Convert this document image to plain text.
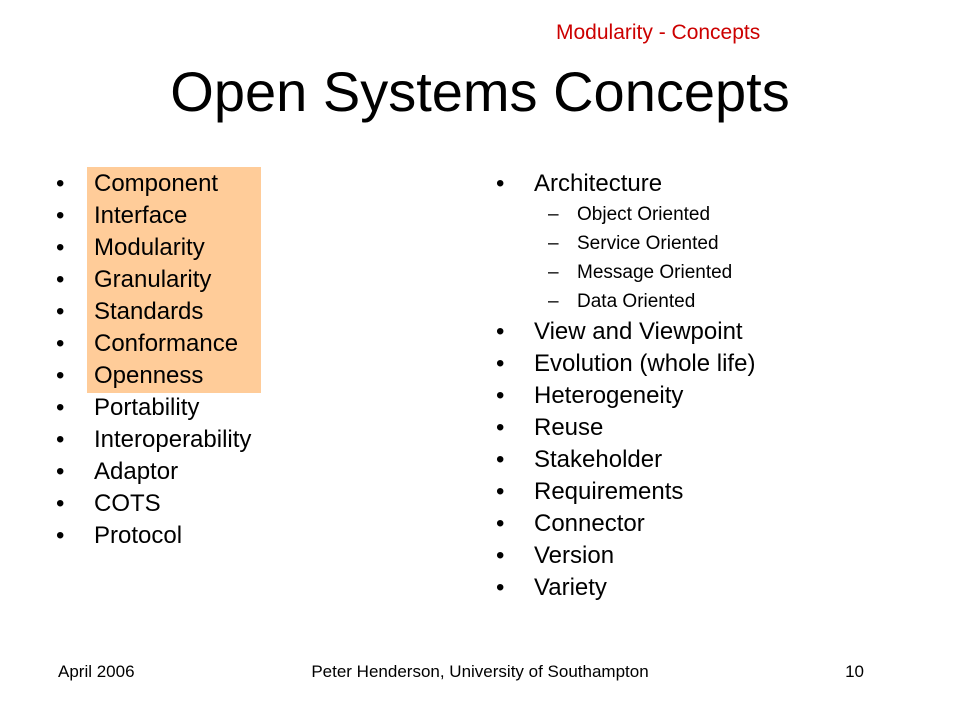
Modularity - Concepts
Open Systems Concepts
• Component
• Interface
• Modularity
• Granularity
• Standards
• Conformance
• Openness
• Portability
• Interoperability
• Adaptor
• COTS
• Protocol
• Architecture
– Object Oriented
– Service Oriented
– Message Oriented
– Data Oriented
• View and Viewpoint
• Evolution (whole life)
• Heterogeneity
• Reuse
• Stakeholder
• Requirements
• Connector
• Version
• Variety
April 2006	Peter Henderson, University of Southampton	10
